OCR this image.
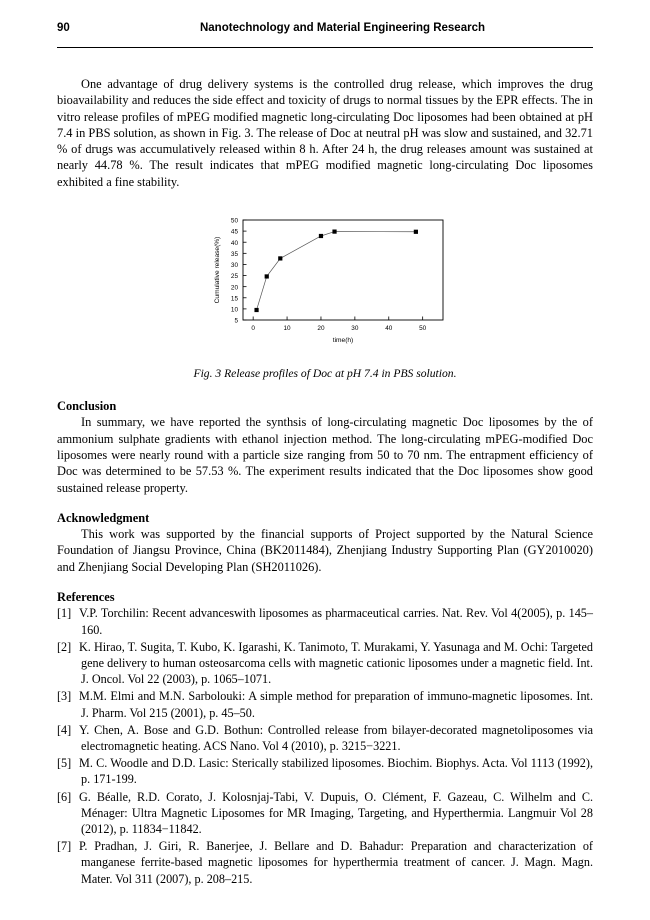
90	Nanotechnology and Material Engineering Research

One advantage of drug delivery systems is the controlled drug release, which improves the drug bioavailability and reduces the side effect and toxicity of drugs to normal tissues by the EPR effects. The in vitro release profiles of mPEG modified magnetic long-circulating Doc liposomes had been obtained at pH 7.4 in PBS solution, as shown in Fig. 3. The release of Doc at neutral pH was slow and sustained, and 32.71 % of drugs was accumulatively released within 8 h. After 24 h, the drug releases amount was sustained at nearly 44.78 %. The result indicates that mPEG modified magnetic long-circulating Doc liposomes exhibited a fine stability.

5
10
15
20
25
30
35
40
45
50
0	10	20	30	40	50
time(h)
Cumulative release(%)
Fig. 3 Release profiles of Doc at pH 7.4 in PBS solution.
Conclusion

In summary, we have reported the synthsis of long-circulating magnetic Doc liposomes by the of ammonium sulphate gradients with ethanol injection method. The long-circulating mPEG-modified Doc liposomes were nearly round with a particle size ranging from 50 to 70 nm. The entrapment efficiency of Doc was determined to be 57.53 %. The experiment results indicated that the Doc liposomes show good sustained release property.

Acknowledgment

This work was supported by the financial supports of Project supported by the Natural Science Foundation of Jiangsu Province, China (BK2011484), Zhenjiang Industry Supporting Plan (GY2010020) and Zhenjiang Social Developing Plan (SH2011026).

References
[1] V.P. Torchilin: Recent advanceswith liposomes as pharmaceutical carries. Nat. Rev. Vol 4(2005), p. 145–160.
[2] K. Hirao, T. Sugita, T. Kubo, K. Igarashi, K. Tanimoto, T. Murakami, Y. Yasunaga and M. Ochi: Targeted gene delivery to human osteosarcoma cells with magnetic cationic liposomes under a magnetic field. Int. J. Oncol. Vol 22 (2003), p. 1065–1071.
[3] M.M. Elmi and M.N. Sarbolouki: A simple method for preparation of immuno-magnetic liposomes. Int. J. Pharm. Vol 215 (2001), p. 45–50.
[4] Y. Chen, A. Bose and G.D. Bothun: Controlled release from bilayer-decorated magnetoliposomes via electromagnetic heating. ACS Nano. Vol 4 (2010), p. 3215−3221.
[5] M. C. Woodle and D.D. Lasic: Sterically stabilized liposomes. Biochim. Biophys. Acta. Vol 1113 (1992), p. 171-199.
[6] G. Béalle, R.D. Corato, J. Kolosnjaj-Tabi, V. Dupuis, O. Clément, F. Gazeau, C. Wilhelm and C. Ménager: Ultra Magnetic Liposomes for MR Imaging, Targeting, and Hyperthermia. Langmuir Vol 28 (2012), p. 11834−11842.
[7] P. Pradhan, J. Giri, R. Banerjee, J. Bellare and D. Bahadur: Preparation and characterization of manganese ferrite-based magnetic liposomes for hyperthermia treatment of cancer. J. Magn. Magn. Mater. Vol 311 (2007), p. 208–215.
